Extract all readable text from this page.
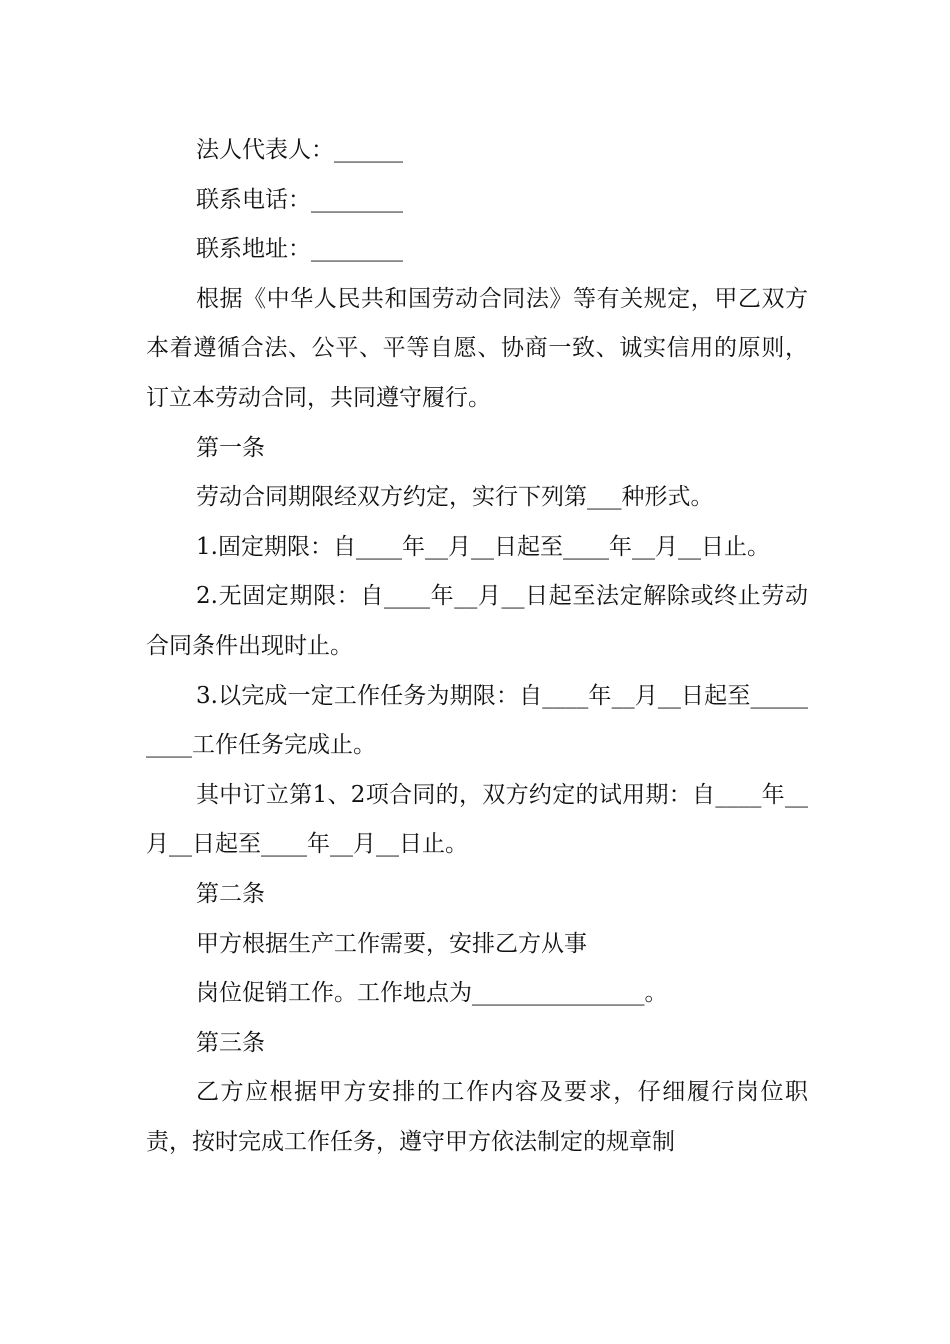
法人代表人：______

联系电话：________

联系地址：________

根据《中华人民共和国劳动合同法》等有关规定，甲乙双方本着遵循合法、公平、平等自愿、协商一致、诚实信用的原则，订立本劳动合同，共同遵守履行。

第一条

劳动合同期限经双方约定，实行下列第___种形式。

1.固定期限：自____年__月__日起至____年__月__日止。

2.无固定期限：自____年__月__日起至法定解除或终止劳动合同条件出现时止。

3.以完成一定工作任务为期限：自____年__月__日起至_________工作任务完成止。

其中订立第1、2项合同的，双方约定的试用期：自____年__月__日起至____年__月__日止。

第二条

甲方根据生产工作需要，安排乙方从事

岗位促销工作。工作地点为_______________。

第三条

乙方应根据甲方安排的工作内容及要求，仔细履行岗位职责，按时完成工作任务，遵守甲方依法制定的规章制
